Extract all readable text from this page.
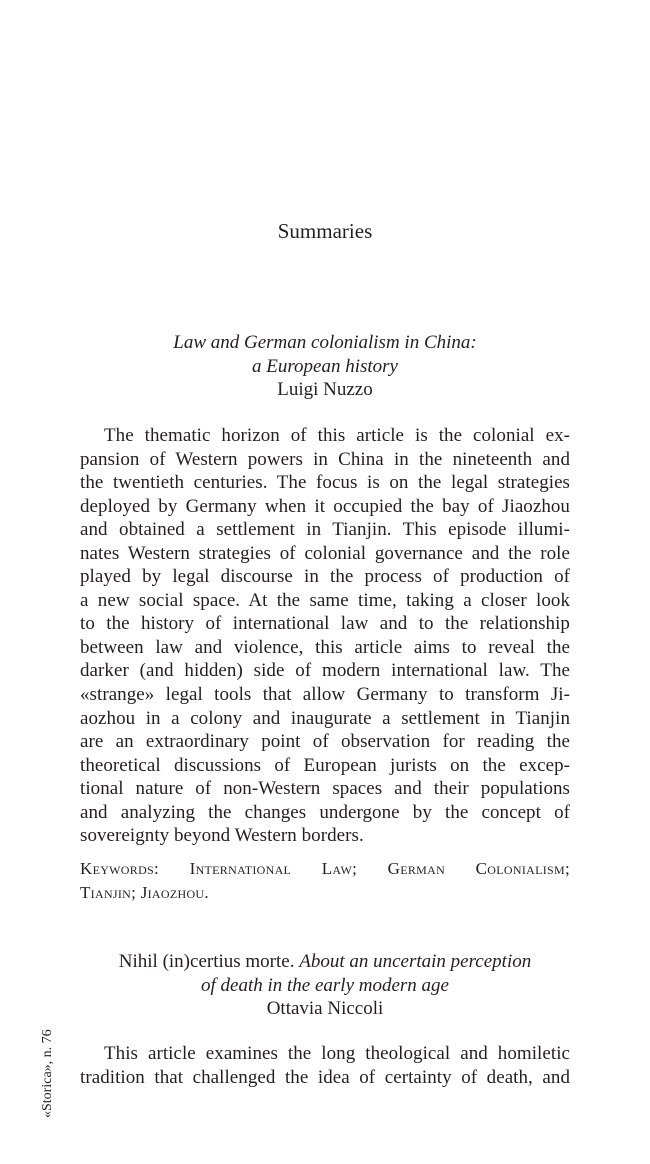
Summaries
Law and German colonialism in China:
a European history
Luigi Nuzzo
The thematic horizon of this article is the colonial ex-
pansion of Western powers in China in the nineteenth and
the twentieth centuries. The focus is on the legal strategies
deployed by Germany when it occupied the bay of Jiaozhou
and obtained a settlement in Tianjin. This episode illumi-
nates Western strategies of colonial governance and the role
played by legal discourse in the process of production of
a new social space. At the same time, taking a closer look
to the history of international law and to the relationship
between law and violence, this article aims to reveal the
darker (and hidden) side of modern international law. The
«strange» legal tools that allow Germany to transform Ji-
aozhou in a colony and inaugurate a settlement in Tianjin
are an extraordinary point of observation for reading the
theoretical discussions of European jurists on the excep-
tional nature of non-Western spaces and their populations
and analyzing the changes undergone by the concept of
sovereignty beyond Western borders.
Keywords: International Law; German Colonialism;
Tianjin; Jiaozhou.
Nihil (in)certius morte. About an uncertain perception
of death in the early modern age
Ottavia Niccoli
This article examines the long theological and homiletic
tradition that challenged the idea of certainty of death, and
«Storica», n. 76
